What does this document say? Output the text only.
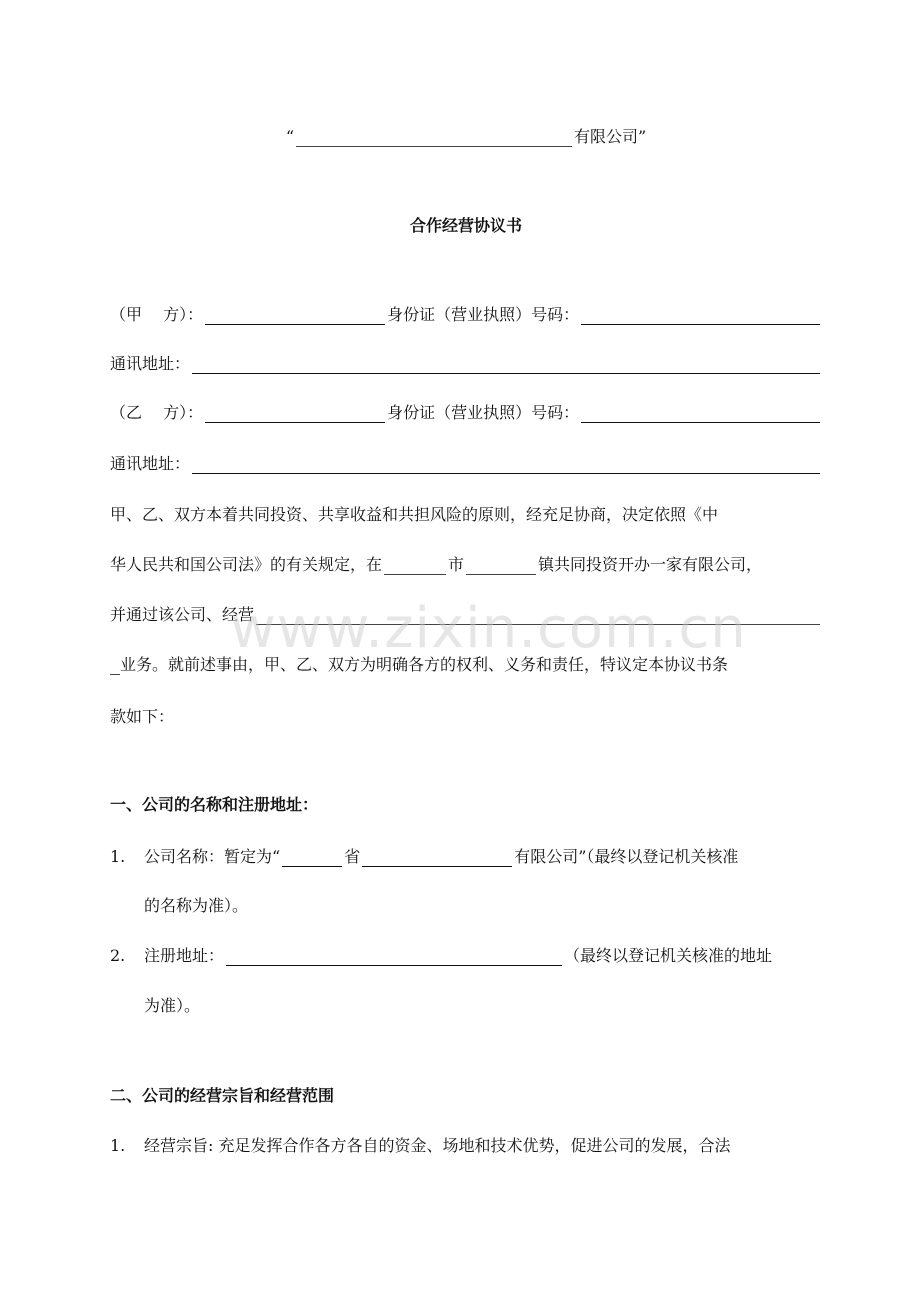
“	有限公司”
合作经营协议书
（甲　 方）：	身份证（营业执照）号码：
通讯地址：
（乙　 方）：	身份证（营业执照）号码：
通讯地址：
甲、乙、双方本着共同投资、共享收益和共担风险的原则，经充足协商，决定依照《中
华人民共和国公司法》的有关规定，在	市	镇共同投资开办一家有限公司，
并通过该公司、经营
业务。就前述事由，甲、乙、双方为明确各方的权利、义务和责任，特议定本协议书条
款如下：
一、公司的名称和注册地址：
1.	公司名称：暂定为“	省	有限公司”（最终以登记机关核准
的名称为准）。
2.	注册地址：	（最终以登记机关核准的地址
为准）。
二、公司的经营宗旨和经营范围
1.	经营宗旨: 充足发挥合作各方各自的资金、场地和技术优势，促进公司的发展，合法
www.zixin.com.cn
